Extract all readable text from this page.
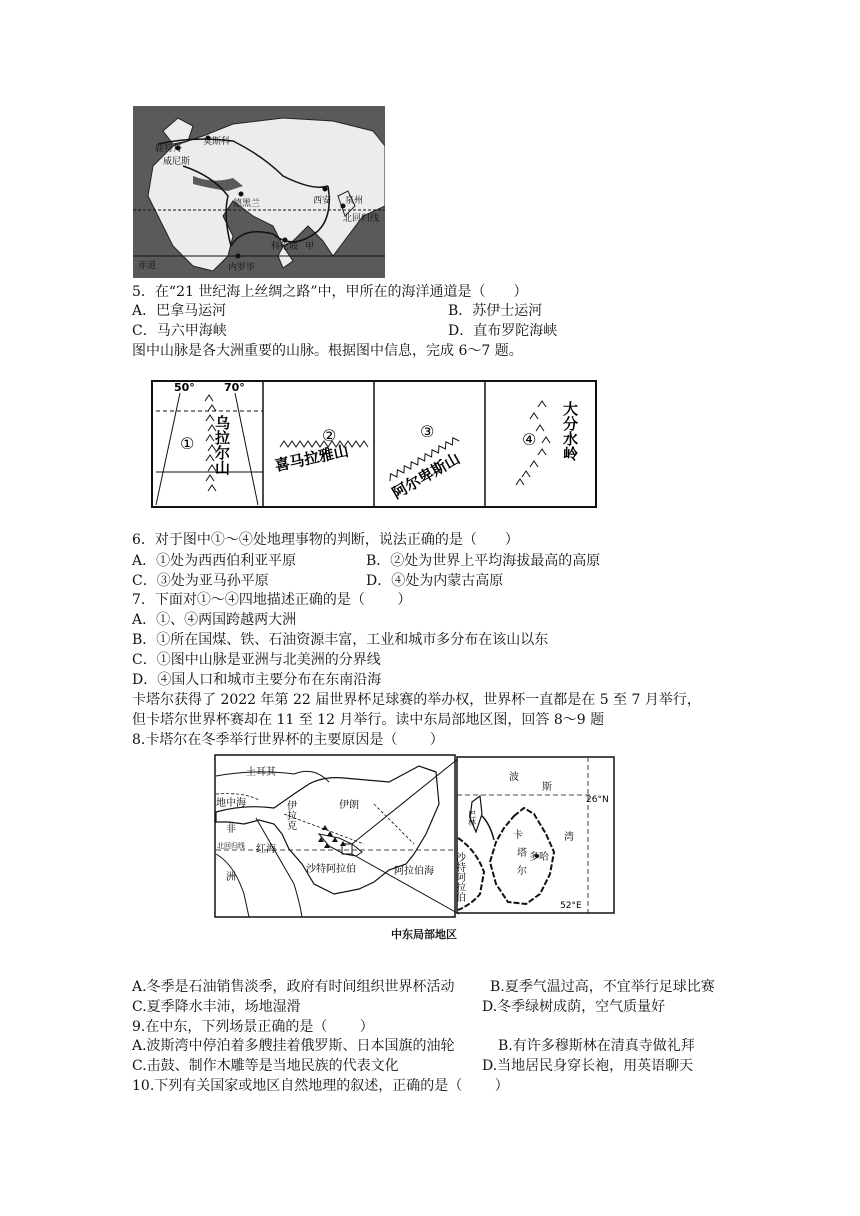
莫斯科
鹿特丹
威尼斯
西安 泉州
德黑兰
北回归线
科伦坡
内罗毕
赤道
甲
5．在“21 世纪海上丝绸之路”中，甲所在的海洋通道是（　　）
A．巴拿马运河	B．苏伊士运河
C．马六甲海峡	D．直布罗陀海峡
图中山脉是各大洲重要的山脉。根据图中信息，完成 6～7 题。
50°	70°
① 乌拉尔山	②
喜马拉雅山
③
阿尔卑斯山
④ 大分水岭
6．对于图中①～④处地理事物的判断，说法正确的是（　　）
A．①处为西西伯利亚平原	B．②处为世界上平均海拔最高的高原
C．③处为亚马孙平原	D．④处为内蒙古高原
7．下面对①～④四地描述正确的是（　　 ）
A．①、④两国跨越两大洲
B．①所在国煤、铁、石油资源丰富，工业和城市多分布在该山以东
C．①图中山脉是亚洲与北美洲的分界线
D．④国人口和城市主要分布在东南沿海
卡塔尔获得了 2022 年第 22 届世界杯足球赛的举办权，世界杯一直都是在 5 至 7 月举行，
但卡塔尔世界杯赛却在 11 至 12 月举行。读中东局部地区图，回答 8～9 题
8.卡塔尔在冬季举行世界杯的主要原因是（　　 ）
土耳其
地中海	伊拉克	伊朗
非
洲
红海
北回归线
沙特阿拉伯	阿拉伯海
波
斯
湾
26°N
巴林
卡
塔
尔
多哈
沙特阿拉伯
52°E
中东局部地区
A.冬季是石油销售淡季，政府有时间组织世界杯活动	B.夏季气温过高，不宜举行足球比赛
C.夏季降水丰沛，场地湿滑	D.冬季绿树成荫，空气质量好
9.在中东，下列场景正确的是（　　 ）
A.波斯湾中停泊着多艘挂着俄罗斯、日本国旗的油轮	B.有许多穆斯林在清真寺做礼拜
C.击鼓、制作木雕等是当地民族的代表文化	D.当地居民身穿长袍，用英语聊天
10.下列有关国家或地区自然地理的叙述，正确的是（　　 ）
